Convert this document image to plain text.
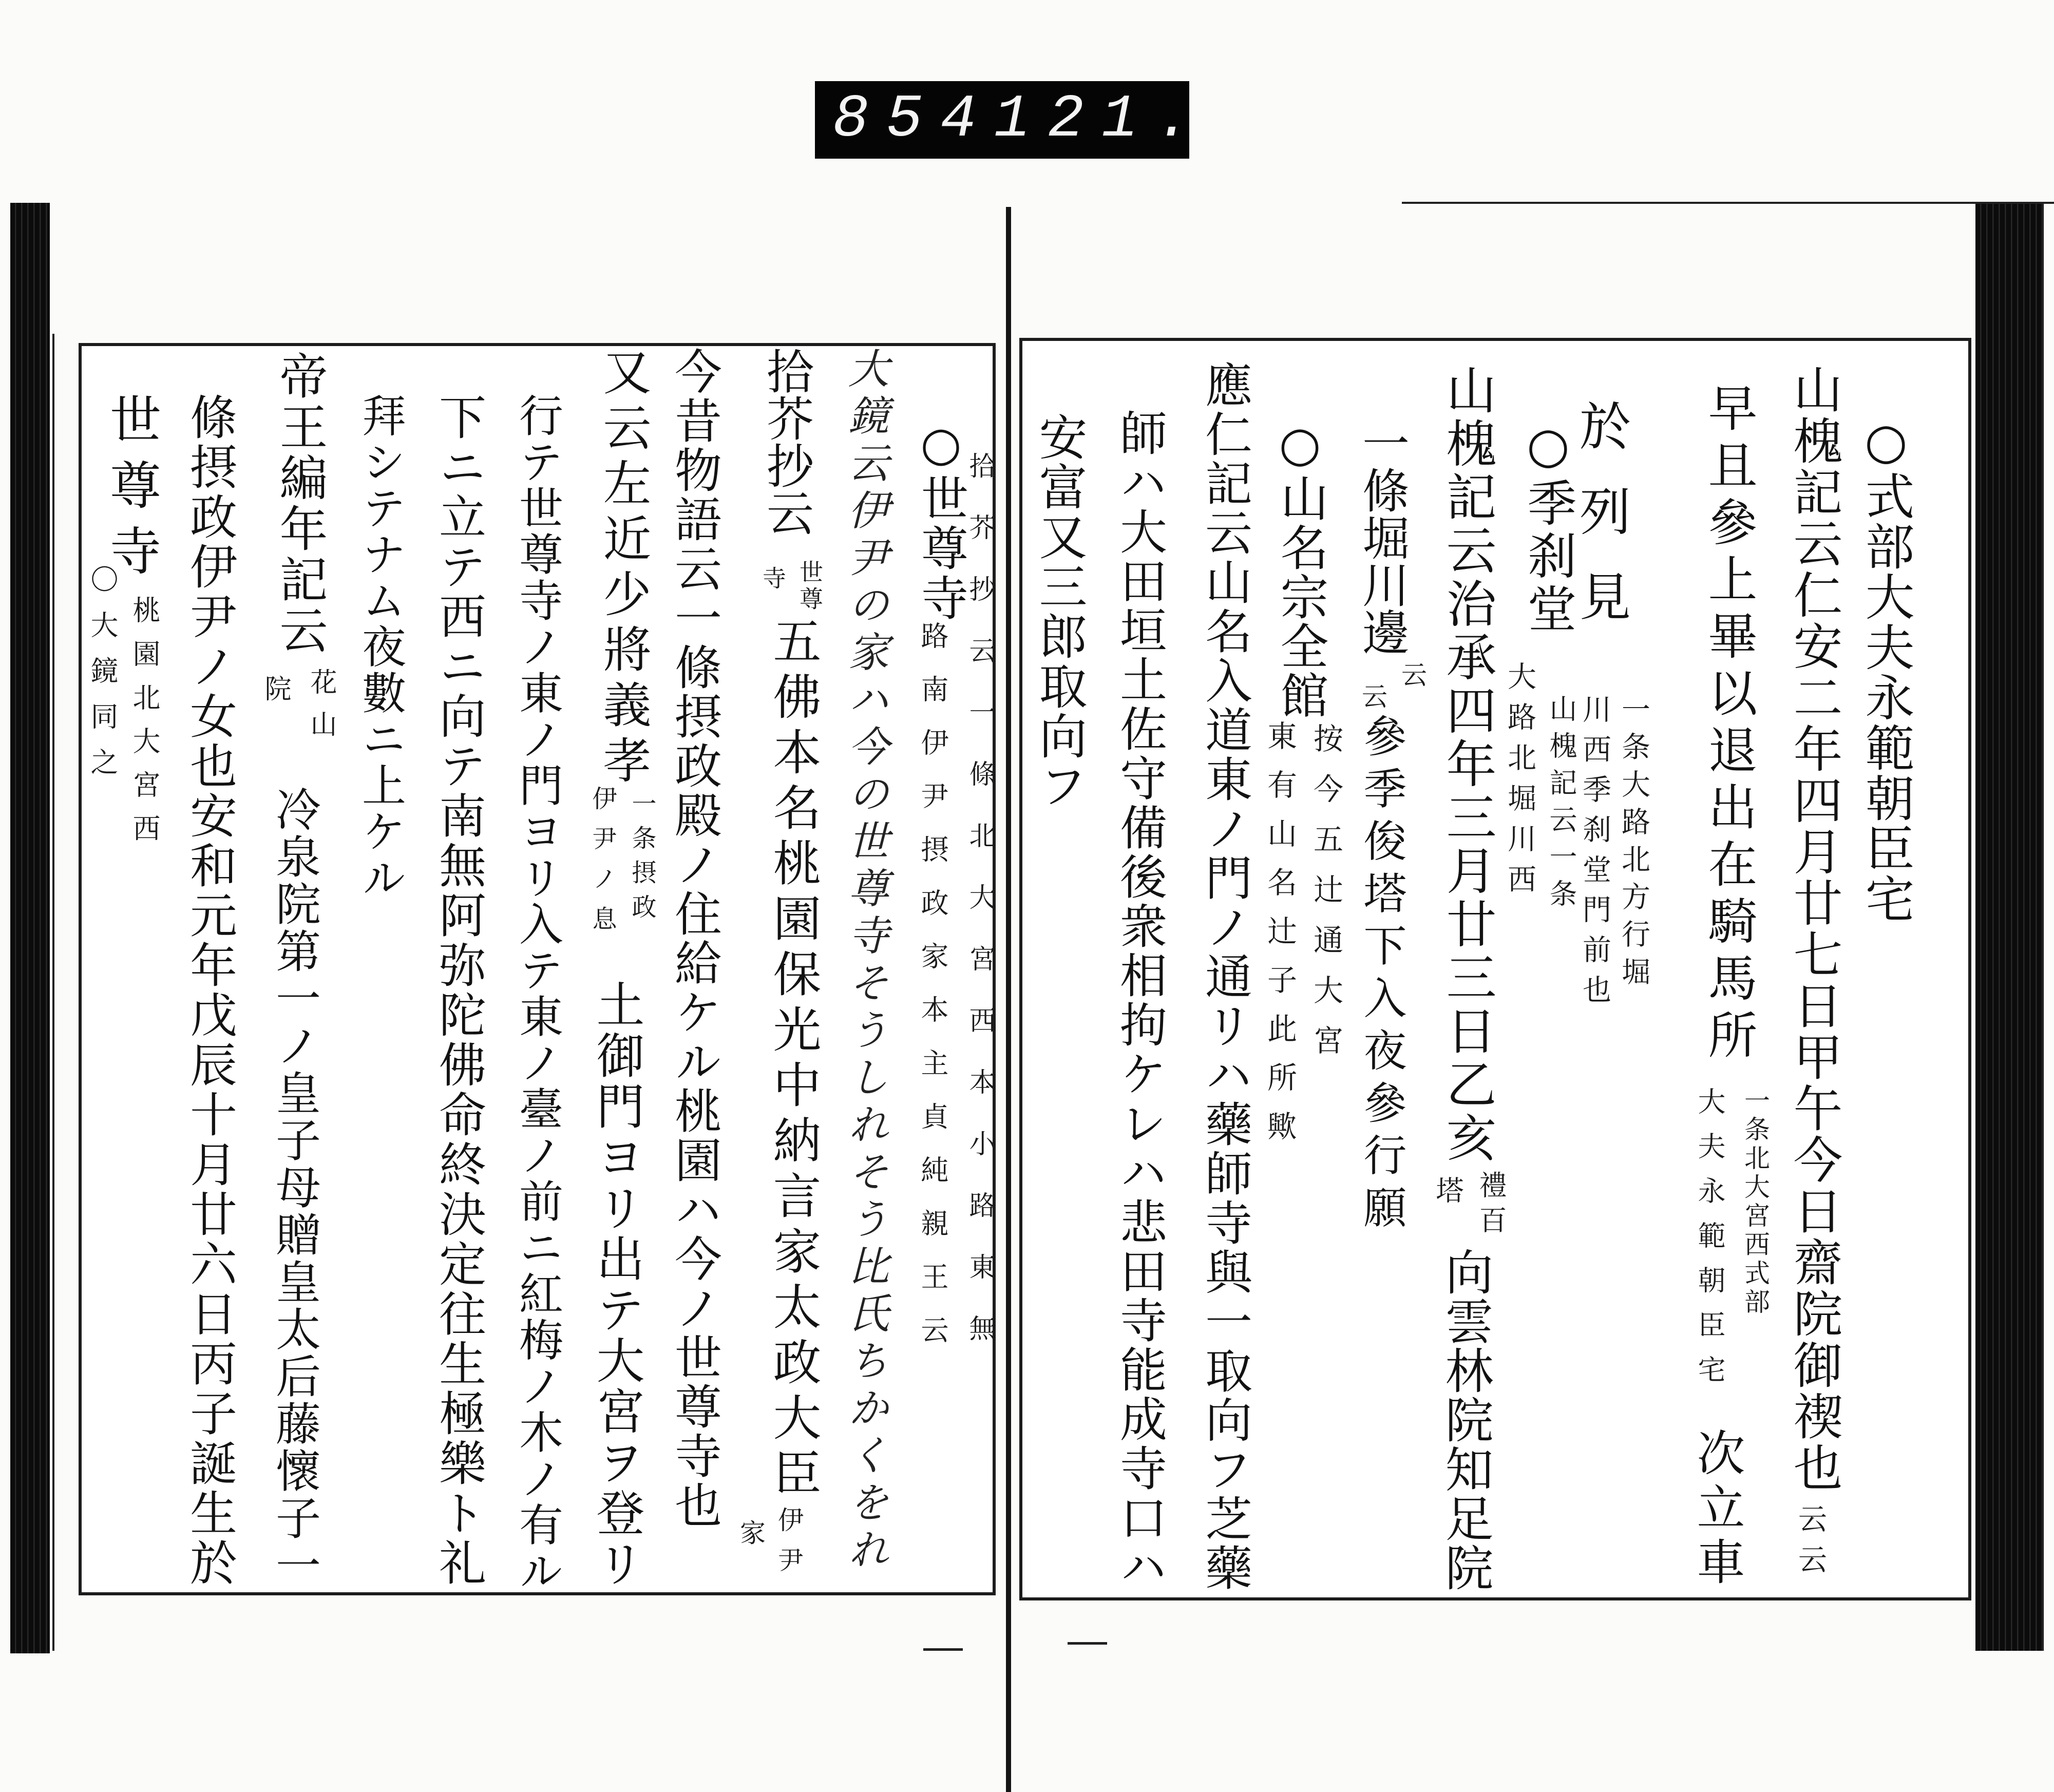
854 121.
○式部大夫永範朝臣宅
山槐記云仁安二年四月廿七日甲午今日齋院御禊也
云云
早且參上畢以退出在騎馬所
一条北大宮西式部
大夫永範朝臣宅
次立車
於列見
一条大路北方行堀
川西季刹堂門前也
○季刹堂
山槐記云一条
大路北堀川西
山槐記云治承四年三月廿三日乙亥
禮百
塔
向雲林院知足院
一條堀川邊
云
云
參季俊塔下入夜參行願
○山名宗全館
按今五辻通大宮
東有山名辻子此所歟
應仁記云山名入道東ノ門ノ通リハ藥師寺與一取向フ芝藥
師ハ大田垣土佐守備後衆相拘ケレハ悲田寺能成寺口ハ
安富又三郎取向フ
○世尊寺
拾芥抄云一條北大宮西本小路東無
路南伊尹摂政家本主貞純親王云
大鏡云伊尹の家ハ今の世尊寺そうしれそう比氏ちかくをれ
拾芥抄云
世尊
寺
五佛本名桃園保光中納言家太政大臣
伊尹
家
今昔物語云一條摂政殿ノ住給ケル桃園ハ今ノ世尊寺也
又云左近少將義孝
一条摂政
伊尹ノ息
土御門ヨリ出テ大宮ヲ登リ
行テ世尊寺ノ東ノ門ヨリ入テ東ノ臺ノ前ニ紅梅ノ木ノ有ル
下ニ立テ西ニ向テ南無阿弥陀佛命終決定往生極樂ト礼
拜シテナム夜數ニ上ケル
帝王編年記云
花山
院
冷泉院第一ノ皇子母贈皇太后藤懷子一
條摂政伊尹ノ女也安和元年戊辰十月廿六日丙子誕生於
世尊寺
桃園北大宮西
〇大鏡同之
